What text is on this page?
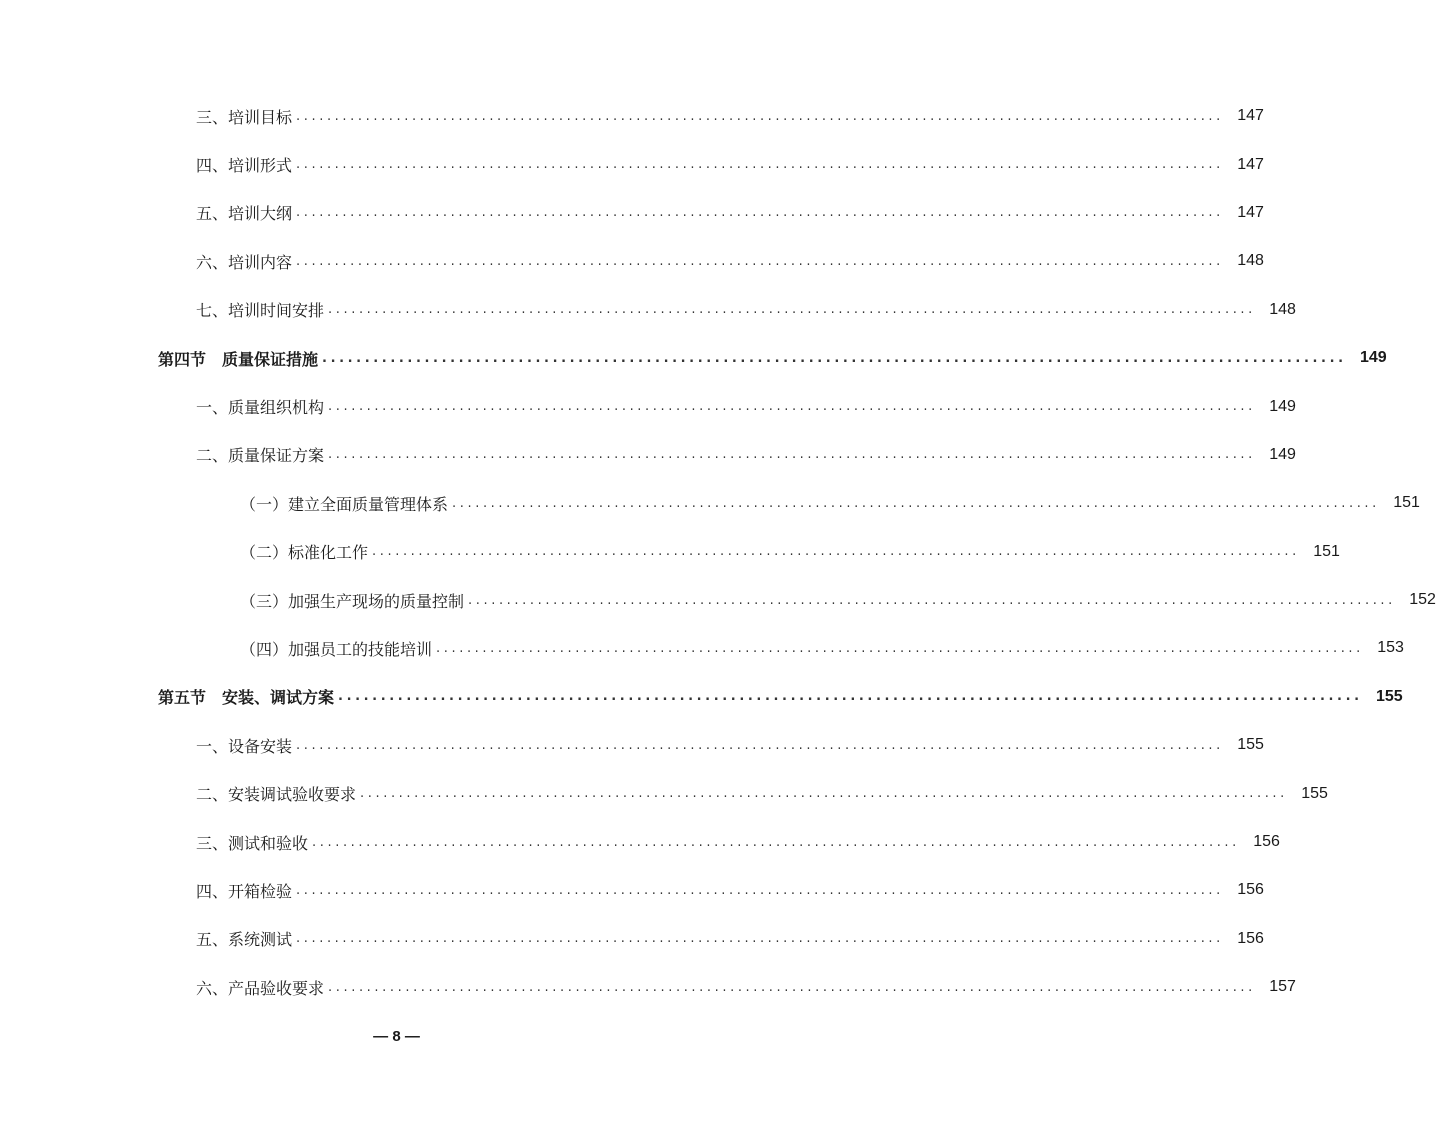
三、培训目标 ........................................................................................................................ 147
四、培训形式 ........................................................................................................................ 147
五、培训大纲 ........................................................................................................................ 147
六、培训内容 ........................................................................................................................ 148
七、培训时间安排 ........................................................................................................................ 148
第四节 质量保证措施 ........................................................................................................................ 149
一、质量组织机构 ........................................................................................................................ 149
二、质量保证方案 ........................................................................................................................ 149
（一）建立全面质量管理体系 ........................................................................................................................ 151
（二）标准化工作 ........................................................................................................................ 151
（三）加强生产现场的质量控制 ........................................................................................................................ 152
（四）加强员工的技能培训 ........................................................................................................................ 153
第五节 安装、调试方案 ........................................................................................................................ 155
一、设备安装 ........................................................................................................................ 155
二、安装调试验收要求 ........................................................................................................................ 155
三、测试和验收 ........................................................................................................................ 156
四、开箱检验 ........................................................................................................................ 156
五、系统测试 ........................................................................................................................ 156
六、产品验收要求 ........................................................................................................................ 157
— 8 —
